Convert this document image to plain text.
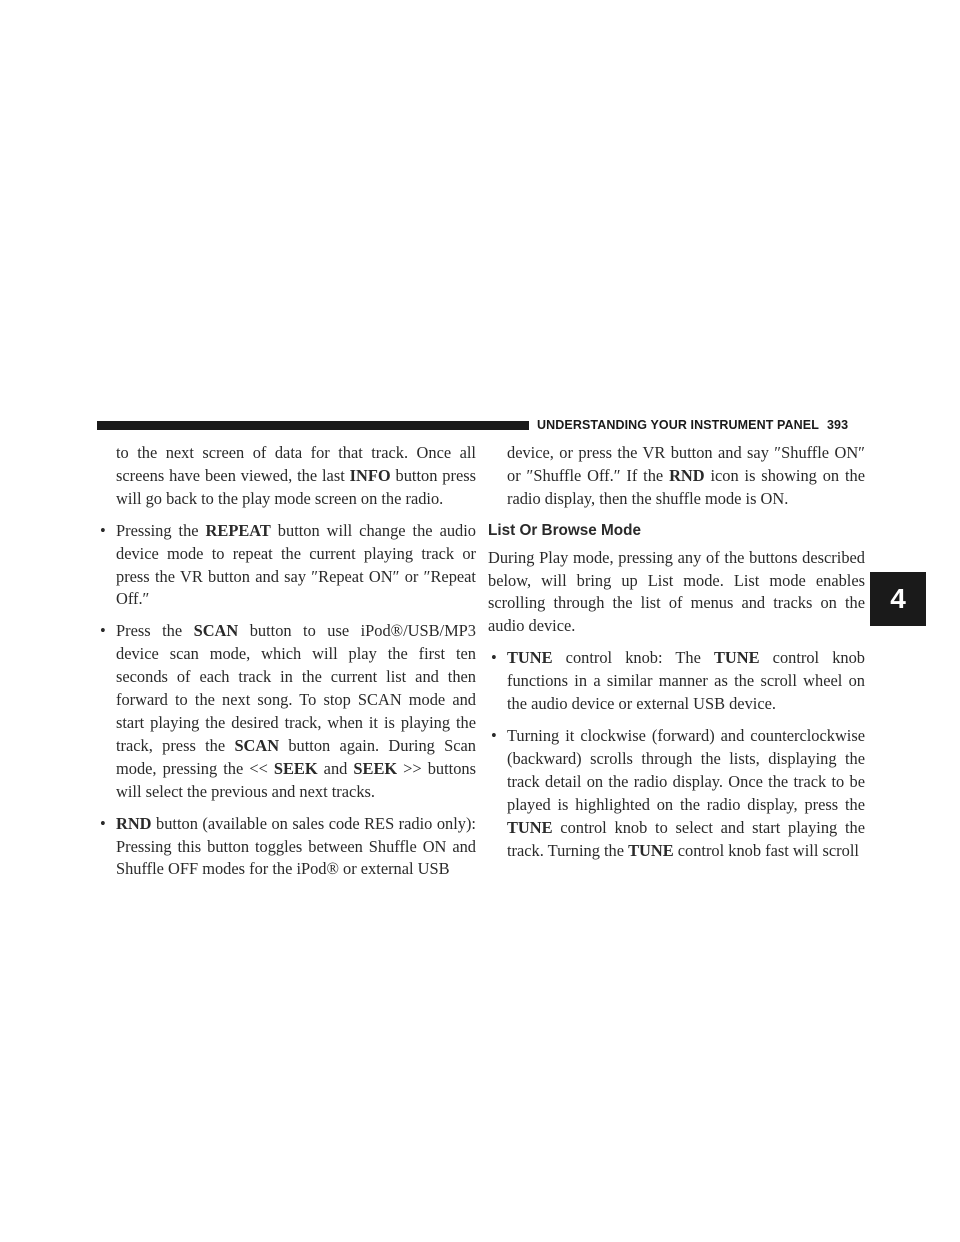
UNDERSTANDING YOUR INSTRUMENT PANEL 393
4

to the next screen of data for that track. Once all screens have been viewed, the last INFO button press will go back to the play mode screen on the radio.

• Pressing the REPEAT button will change the audio device mode to repeat the current playing track or press the VR button and say ″Repeat ON″ or ″Repeat Off.″

• Press the SCAN button to use iPod®/USB/MP3 device scan mode, which will play the first ten seconds of each track in the current list and then forward to the next song. To stop SCAN mode and start playing the desired track, when it is playing the track, press the SCAN button again. During Scan mode, pressing the << SEEK and SEEK >> buttons will select the previous and next tracks.

• RND button (available on sales code RES radio only): Pressing this button toggles between Shuffle ON and Shuffle OFF modes for the iPod® or external USB

device, or press the VR button and say ″Shuffle ON″ or ″Shuffle Off.″ If the RND icon is showing on the radio display, then the shuffle mode is ON.

List Or Browse Mode

During Play mode, pressing any of the buttons described below, will bring up List mode. List mode enables scrolling through the list of menus and tracks on the audio device.

• TUNE control knob: The TUNE control knob functions in a similar manner as the scroll wheel on the audio device or external USB device.

• Turning it clockwise (forward) and counterclockwise (backward) scrolls through the lists, displaying the track detail on the radio display. Once the track to be played is highlighted on the radio display, press the TUNE control knob to select and start playing the track. Turning the TUNE control knob fast will scroll
